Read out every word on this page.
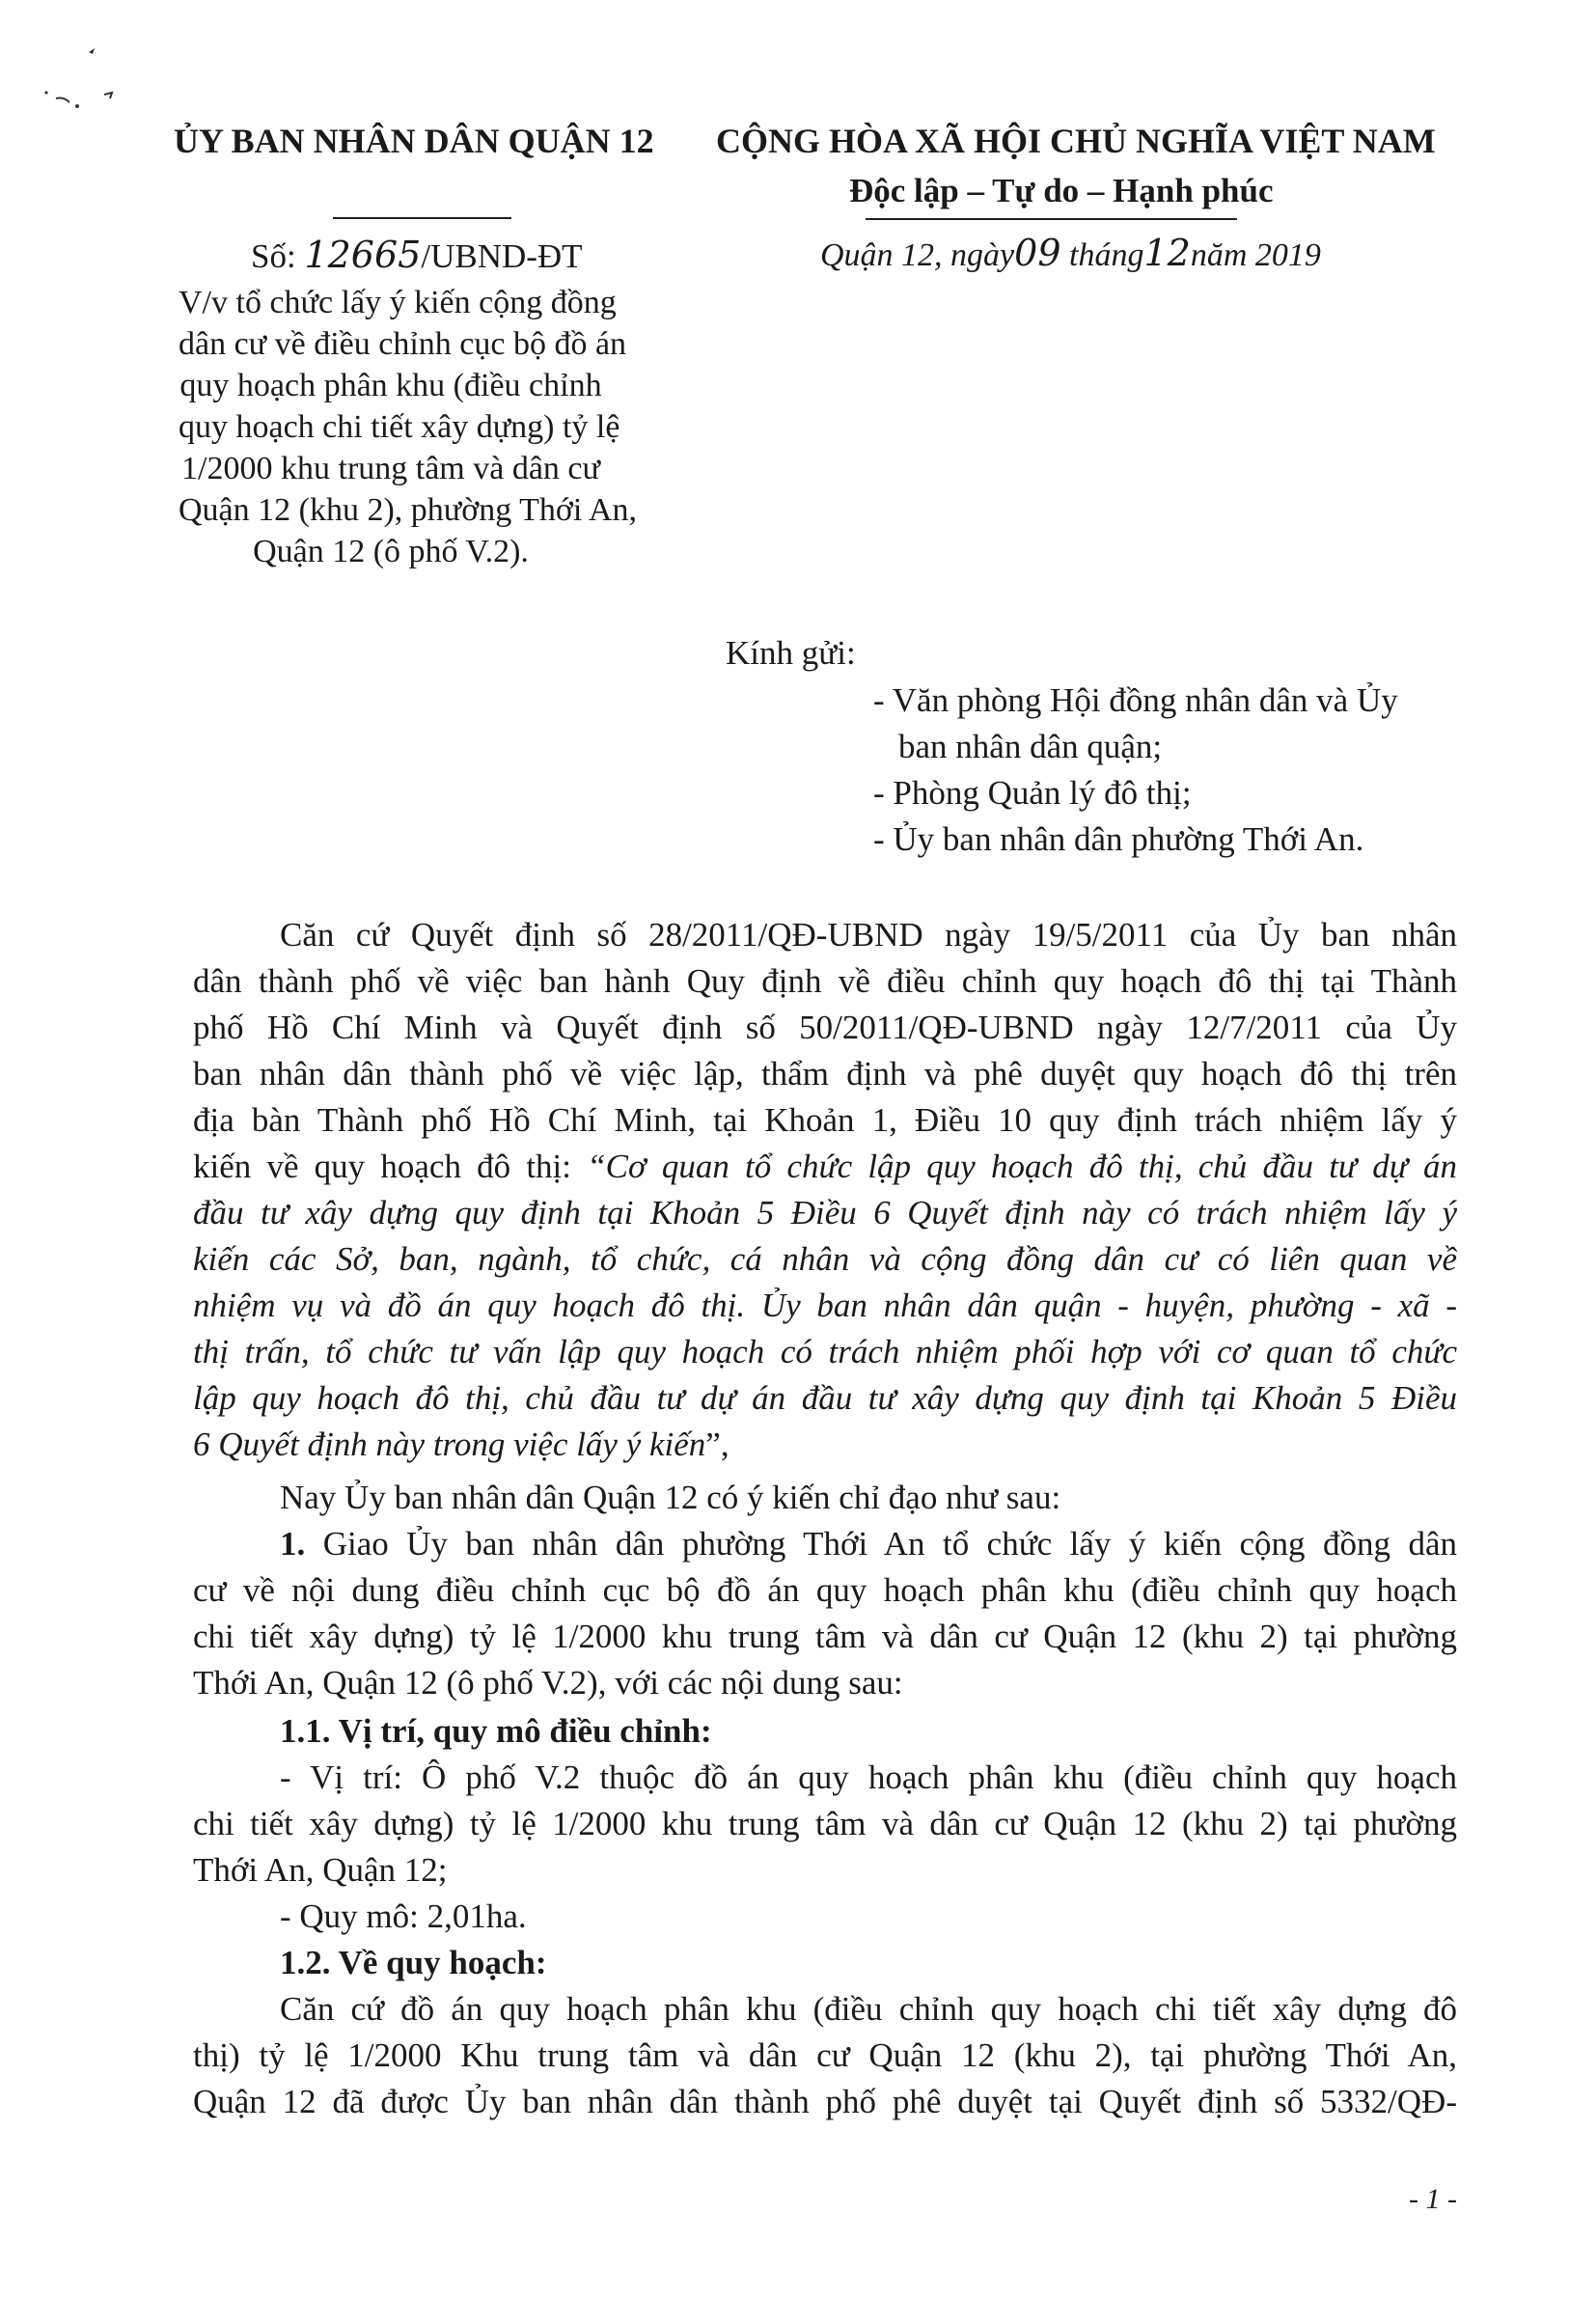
ỦY BAN NHÂN DÂN QUẬN 12 CỘNG HÒA XÃ HỘI CHỦ NGHĨA VIỆT NAM
Độc lập – Tự do – Hạnh phúc
Số: 12665/UBND-ĐT	Quận 12, ngày09 tháng12năm 2019
V/v tổ chức lấy ý kiến cộng đồng
dân cư về điều chỉnh cục bộ đồ án
quy hoạch phân khu (điều chỉnh
quy hoạch chi tiết xây dựng) tỷ lệ
1/2000 khu trung tâm và dân cư
Quận 12 (khu 2), phường Thới An,
Quận 12 (ô phố V.2).
Kính gửi:
- Văn phòng Hội đồng nhân dân và Ủy
ban nhân dân quận;
- Phòng Quản lý đô thị;
- Ủy ban nhân dân phường Thới An.
Căn cứ Quyết định số 28/2011/QĐ-UBND ngày 19/5/2011 của Ủy ban nhân
dân thành phố về việc ban hành Quy định về điều chỉnh quy hoạch đô thị tại Thành
phố Hồ Chí Minh và Quyết định số 50/2011/QĐ-UBND ngày 12/7/2011 của Ủy
ban nhân dân thành phố về việc lập, thẩm định và phê duyệt quy hoạch đô thị trên
địa bàn Thành phố Hồ Chí Minh, tại Khoản 1, Điều 10 quy định trách nhiệm lấy ý
kiến về quy hoạch đô thị: “Cơ quan tổ chức lập quy hoạch đô thị, chủ đầu tư dự án
đầu tư xây dựng quy định tại Khoản 5 Điều 6 Quyết định này có trách nhiệm lấy ý
kiến các Sở, ban, ngành, tổ chức, cá nhân và cộng đồng dân cư có liên quan về
nhiệm vụ và đồ án quy hoạch đô thị. Ủy ban nhân dân quận - huyện, phường - xã -
thị trấn, tổ chức tư vấn lập quy hoạch có trách nhiệm phối hợp với cơ quan tổ chức
lập quy hoạch đô thị, chủ đầu tư dự án đầu tư xây dựng quy định tại Khoản 5 Điều
6 Quyết định này trong việc lấy ý kiến”,
Nay Ủy ban nhân dân Quận 12 có ý kiến chỉ đạo như sau:
1. Giao Ủy ban nhân dân phường Thới An tổ chức lấy ý kiến cộng đồng dân
cư về nội dung điều chỉnh cục bộ đồ án quy hoạch phân khu (điều chỉnh quy hoạch
chi tiết xây dựng) tỷ lệ 1/2000 khu trung tâm và dân cư Quận 12 (khu 2) tại phường
Thới An, Quận 12 (ô phố V.2), với các nội dung sau:
1.1. Vị trí, quy mô điều chỉnh:
- Vị trí: Ô phố V.2 thuộc đồ án quy hoạch phân khu (điều chỉnh quy hoạch
chi tiết xây dựng) tỷ lệ 1/2000 khu trung tâm và dân cư Quận 12 (khu 2) tại phường
Thới An, Quận 12;
- Quy mô: 2,01ha.
1.2. Về quy hoạch:
Căn cứ đồ án quy hoạch phân khu (điều chỉnh quy hoạch chi tiết xây dựng đô
thị) tỷ lệ 1/2000 Khu trung tâm và dân cư Quận 12 (khu 2), tại phường Thới An,
Quận 12 đã được Ủy ban nhân dân thành phố phê duyệt tại Quyết định số 5332/QĐ-
- 1 -
